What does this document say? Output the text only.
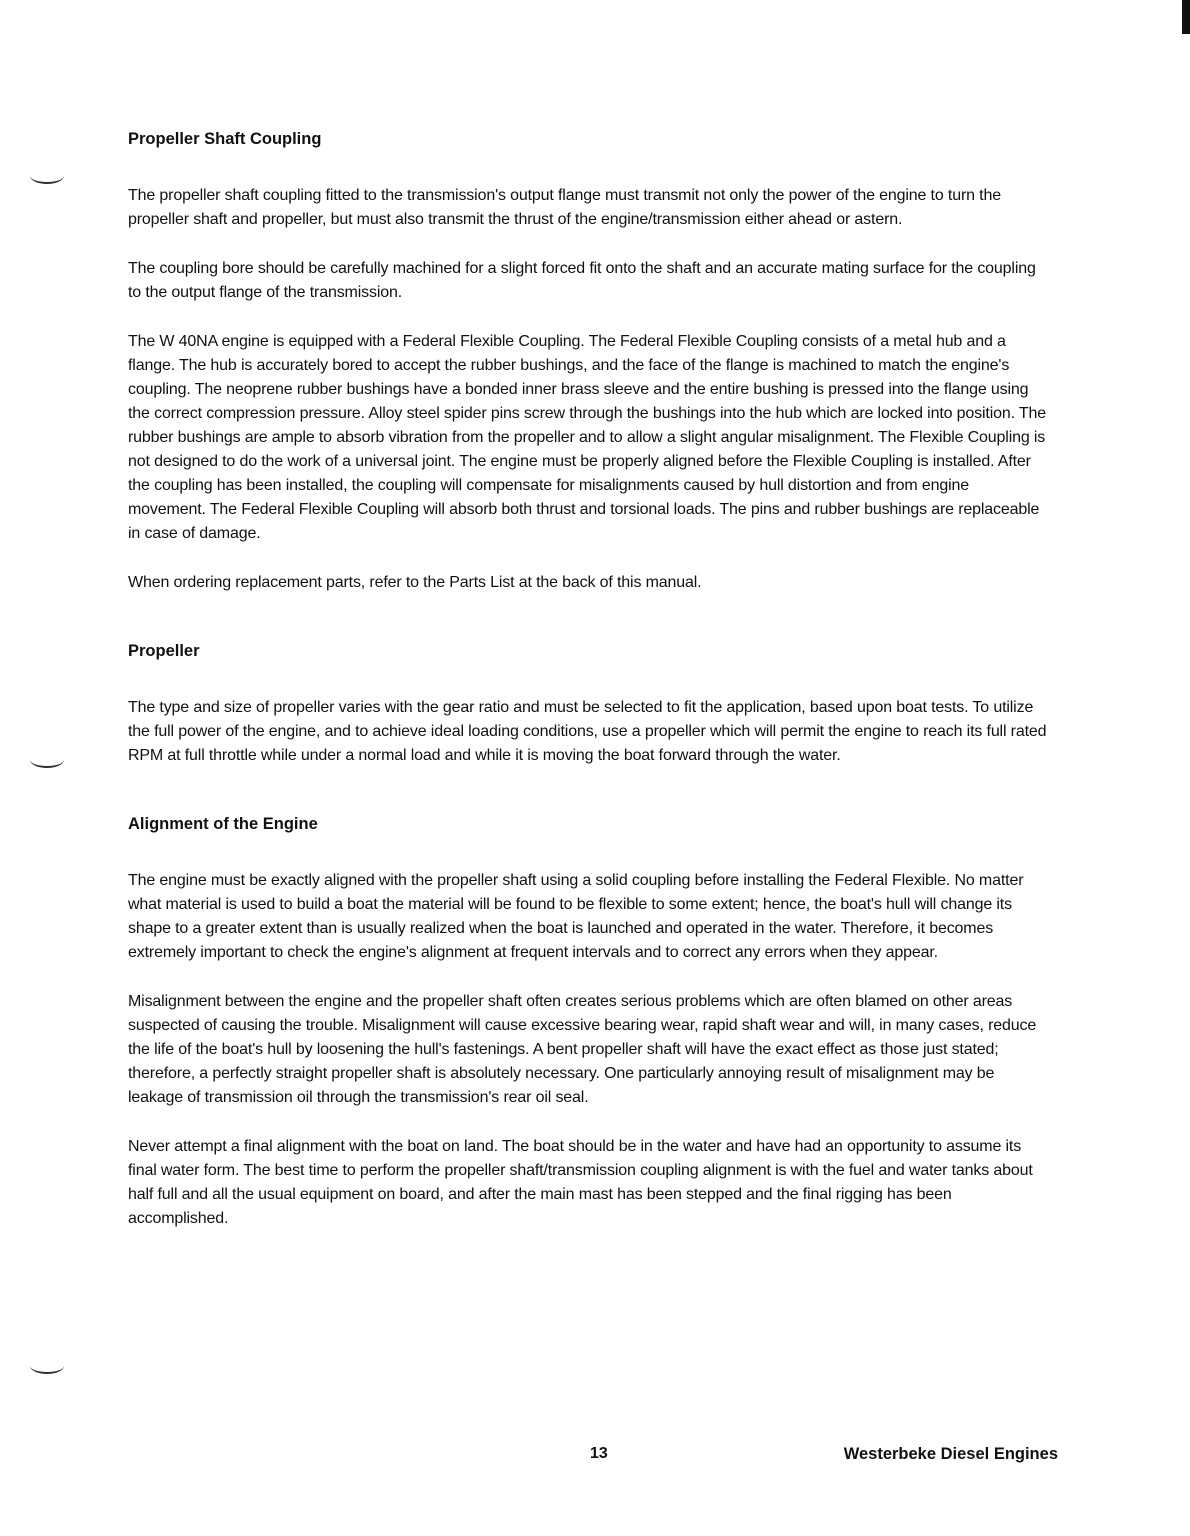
Propeller Shaft Coupling

The propeller shaft coupling fitted to the transmission's output flange must transmit not only the power of the engine to turn the propeller shaft and propeller, but must also transmit the thrust of the engine/transmission either ahead or astern.

The coupling bore should be carefully machined for a slight forced fit onto the shaft and an accurate mating surface for the coupling to the output flange of the transmission.

The W 40NA engine is equipped with a Federal Flexible Coupling. The Federal Flexible Coupling consists of a metal hub and a flange. The hub is accurately bored to accept the rubber bushings, and the face of the flange is machined to match the engine's coupling. The neoprene rubber bushings have a bonded inner brass sleeve and the entire bushing is pressed into the flange using the correct compression pressure. Alloy steel spider pins screw through the bushings into the hub which are locked into position. The rubber bushings are ample to absorb vibration from the propeller and to allow a slight angular misalignment. The Flexible Coupling is not designed to do the work of a universal joint. The engine must be properly aligned before the Flexible Coupling is installed. After the coupling has been installed, the coupling will compensate for misalignments caused by hull distortion and from engine movement. The Federal Flexible Coupling will absorb both thrust and torsional loads. The pins and rubber bushings are replaceable in case of damage.

When ordering replacement parts, refer to the Parts List at the back of this manual.

Propeller

The type and size of propeller varies with the gear ratio and must be selected to fit the application, based upon boat tests. To utilize the full power of the engine, and to achieve ideal loading conditions, use a propeller which will permit the engine to reach its full rated RPM at full throttle while under a normal load and while it is moving the boat forward through the water.

Alignment of the Engine

The engine must be exactly aligned with the propeller shaft using a solid coupling before installing the Federal Flexible. No matter what material is used to build a boat the material will be found to be flexible to some extent; hence, the boat's hull will change its shape to a greater extent than is usually realized when the boat is launched and operated in the water. Therefore, it becomes extremely important to check the engine's alignment at frequent intervals and to correct any errors when they appear.

Misalignment between the engine and the propeller shaft often creates serious problems which are often blamed on other areas suspected of causing the trouble. Misalignment will cause excessive bearing wear, rapid shaft wear and will, in many cases, reduce the life of the boat's hull by loosening the hull's fastenings. A bent propeller shaft will have the exact effect as those just stated; therefore, a perfectly straight propeller shaft is absolutely necessary. One particularly annoying result of misalignment may be leakage of transmission oil through the transmission's rear oil seal.

Never attempt a final alignment with the boat on land. The boat should be in the water and have had an opportunity to assume its final water form. The best time to perform the propeller shaft/transmission coupling alignment is with the fuel and water tanks about half full and all the usual equipment on board, and after the main mast has been stepped and the final rigging has been accomplished.

13	Westerbeke Diesel Engines
